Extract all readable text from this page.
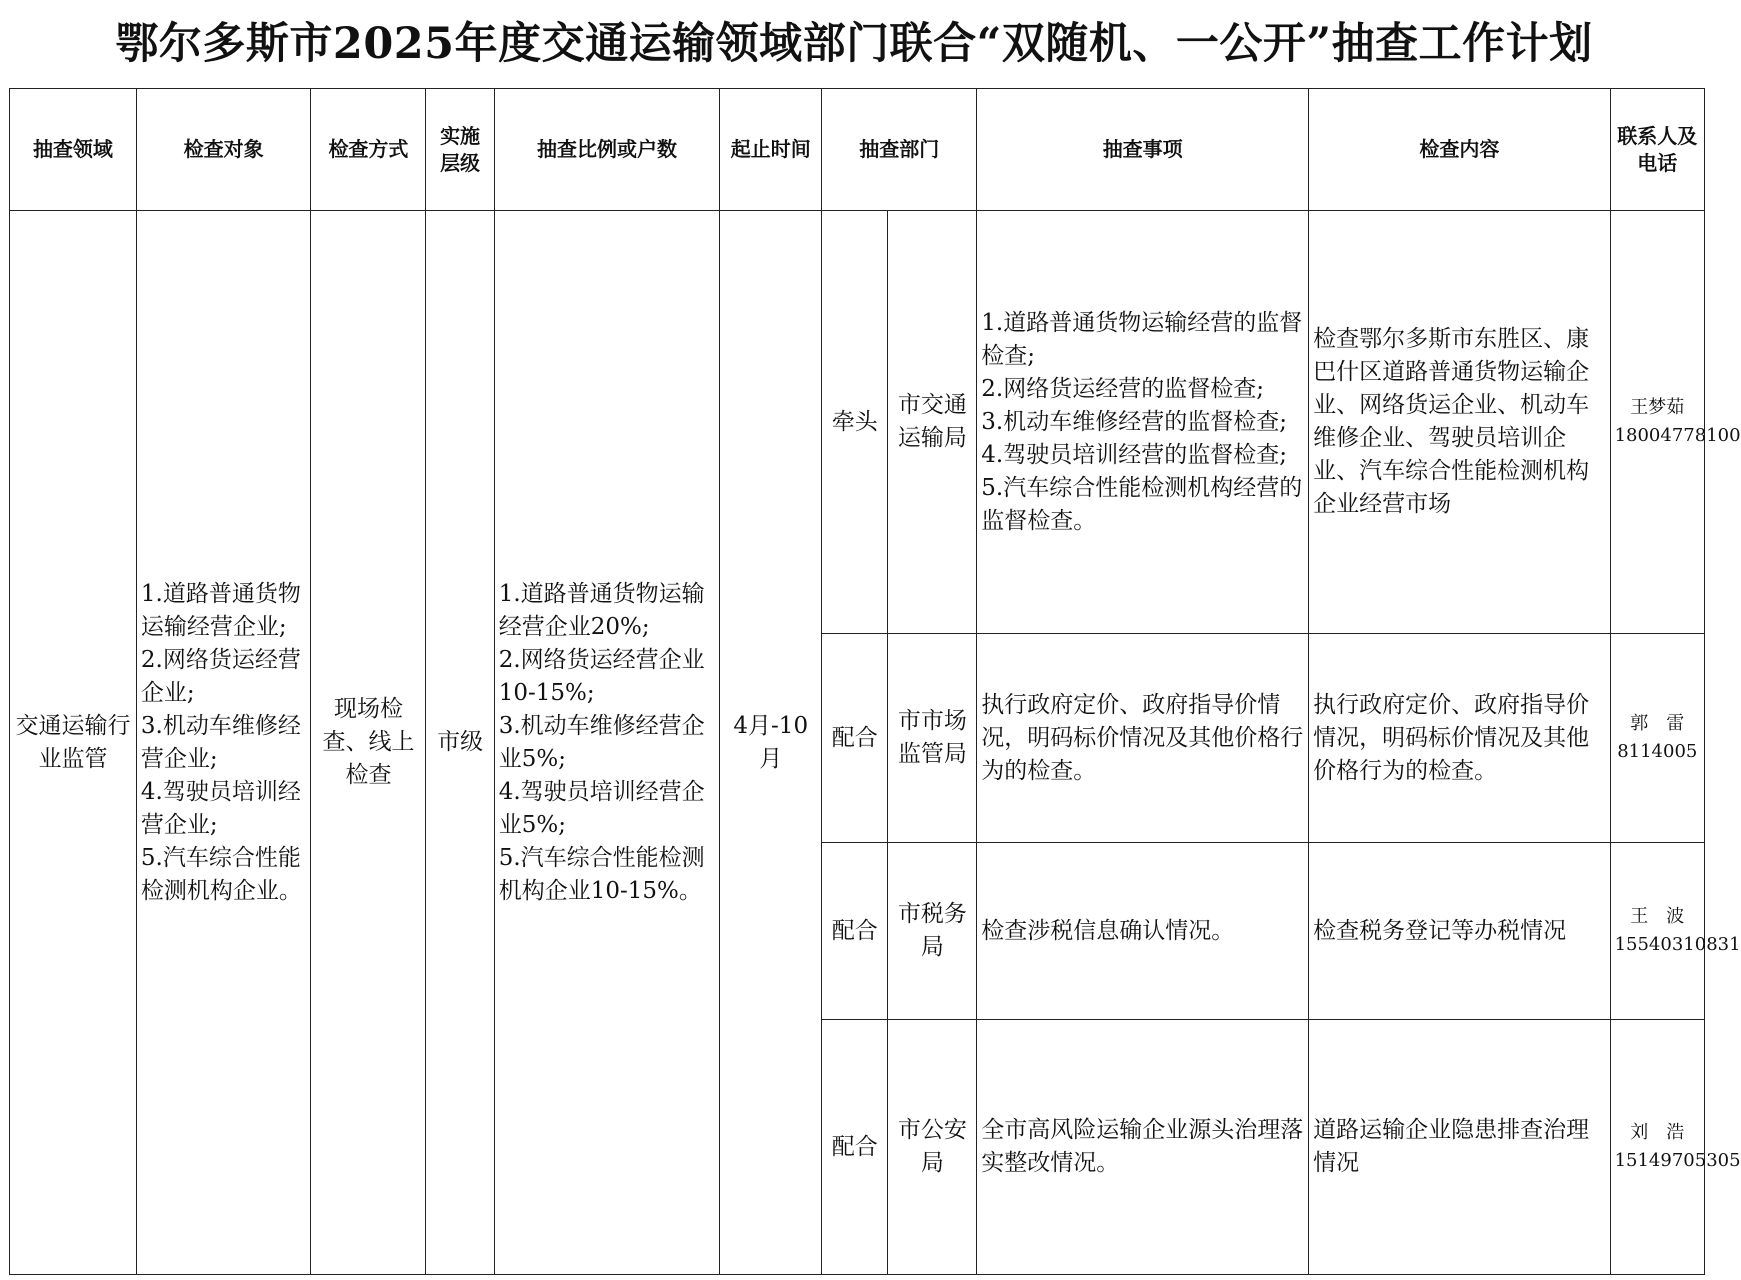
鄂尔多斯市2025年度交通运输领域部门联合“双随机、一公开”抽查工作计划
抽查领域	检查对象	检查方式	实施层级	抽查比例或户数	起止时间	抽查部门		抽查事项	检查内容	联系人及电话
交通运输行业监管	1.道路普通货物运输经营企业;
2.网络货运经营企业;
3.机动车维修经营企业;
4.驾驶员培训经营企业;
5.汽车综合性能检测机构企业。	现场检查、线上检查	市级	1.道路普通货物运输经营企业20%;
2.网络货运经营企业10-15%;
3.机动车维修经营企业5%;
4.驾驶员培训经营企业5%;
5.汽车综合性能检测机构企业10-15%。	4月-10月	牵头	市交通运输局	1.道路普通货物运输经营的监督检查;
2.网络货运经营的监督检查;
3.机动车维修经营的监督检查;
4.驾驶员培训经营的监督检查;
5.汽车综合性能检测机构经营的监督检查。	检查鄂尔多斯市东胜区、康巴什区道路普通货物运输企业、网络货运企业、机动车维修企业、驾驶员培训企业、汽车综合性能检测机构企业经营市场	王梦茹
18004778100

						配合	市市场监管局	执行政府定价、政府指导价情况，明码标价情况及其他价格行为的检查。	执行政府定价、政府指导价情况，明码标价情况及其他价格行为的检查。	郭　雷
8114005

						配合	市税务局	检查涉税信息确认情况。	检查税务登记等办税情况	王　波
15540310831

						配合	市公安局	全市高风险运输企业源头治理落实整改情况。	道路运输企业隐患排查治理情况	刘　浩
15149705305
